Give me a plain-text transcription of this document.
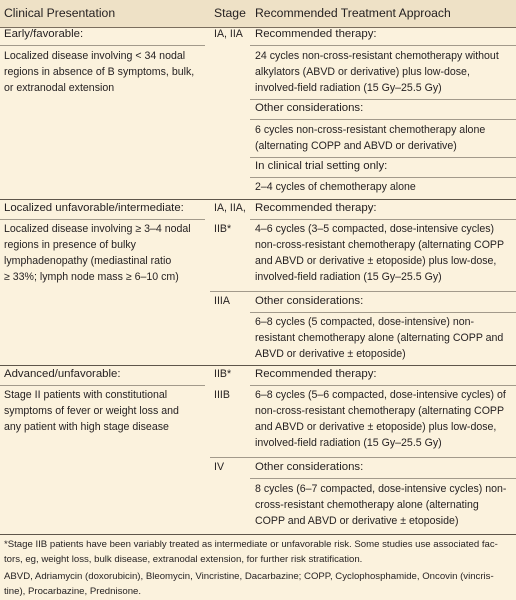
Clinical Presentation	Stage Recommended Treatment Approach
Early/favorable:
Localized disease involving < 34 nodal
regions in absence of B symptoms, bulk,
or extranodal extension
IA, IIA Recommended therapy:
24 cycles non-cross-resistant chemotherapy without
alkylators (ABVD or derivative) plus low-dose,
involved-field radiation (15 Gy–25.5 Gy)
Other considerations:
6 cycles non-cross-resistant chemotherapy alone
(alternating COPP and ABVD or derivative)
In clinical trial setting only:
2–4 cycles of chemotherapy alone
Localized unfavorable/intermediate:
Localized disease involving ≥ 3–4 nodal
regions in presence of bulky
lymphadenopathy (mediastinal ratio
≥ 33%; lymph node mass ≥ 6–10 cm)
IA, IIA,
IIB*
IIIA
Recommended therapy:
4–6 cycles (3–5 compacted, dose-intensive cycles)
non-cross-resistant chemotherapy (alternating COPP
and ABVD or derivative ± etoposide) plus low-dose,
involved-field radiation (15 Gy–25.5 Gy)
Other considerations:
6–8 cycles (5 compacted, dose-intensive) non-
resistant chemotherapy alone (alternating COPP and
ABVD or derivative ± etoposide)
Advanced/unfavorable:
Stage II patients with constitutional
symptoms of fever or weight loss and
any patient with high stage disease
IIB*
IIIB
IV
Recommended therapy:
6–8 cycles (5–6 compacted, dose-intensive cycles) of
non-cross-resistant chemotherapy (alternating COPP
and ABVD or derivative ± etoposide) plus low-dose,
involved-field radiation (15 Gy–25.5 Gy)
Other considerations:
8 cycles (6–7 compacted, dose-intensive cycles) non-
cross-resistant chemotherapy alone (alternating
COPP and ABVD or derivative ± etoposide)
*Stage IIB patients have been variably treated as intermediate or unfavorable risk. Some studies use associated fac-
tors, eg, weight loss, bulk disease, extranodal extension, for further risk stratification.
ABVD, Adriamycin (doxorubicin), Bleomycin, Vincristine, Dacarbazine; COPP, Cyclophosphamide, Oncovin (vincris-
tine), Procarbazine, Prednisone.
